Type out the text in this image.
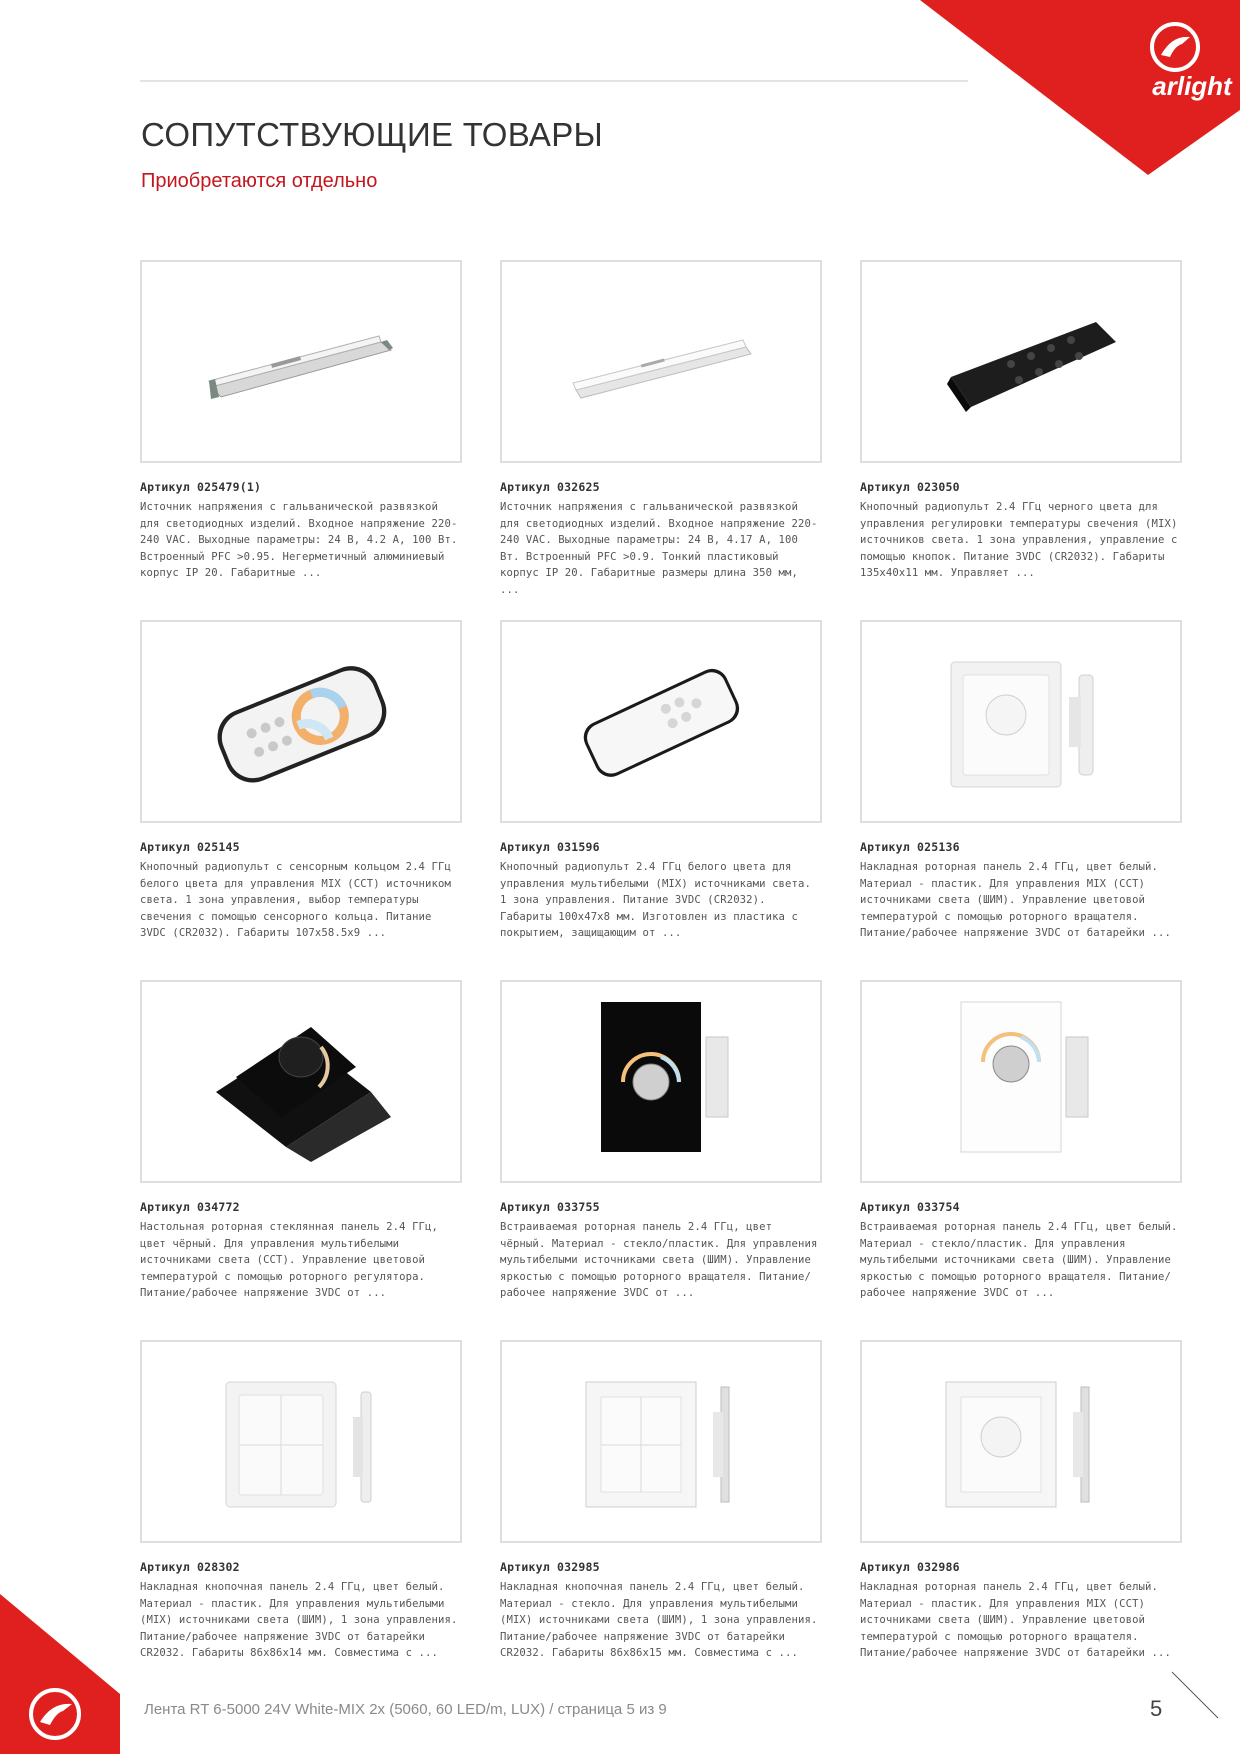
arlight
СОПУТСТВУЮЩИЕ ТОВАРЫ
Приобретаются отдельно
Артикул 025479(1)
Источник напряжения с гальванической развязкой для светодиодных изделий. Входное напряжение 220-240 VAC. Выходные параметры: 24 В, 4.2 А, 100 Вт. Встроенный PFC >0.95. Негерметичный алюминиевый корпус IP 20. Габаритные ...
Артикул 032625
Источник напряжения с гальванической развязкой для светодиодных изделий. Входное напряжение 220-240 VAC. Выходные параметры: 24 В, 4.17 А, 100 Вт. Встроенный PFC >0.9. Тонкий пластиковый корпус IP 20. Габаритные размеры длина 350 мм, ...
Артикул 023050
Кнопочный радиопульт 2.4 ГГц черного цвета для управления регулировки температуры свечения (MIX) источников света. 1 зона управления, управление с помощью кнопок. Питание 3VDC (CR2032). Габариты 135x40x11 мм. Управляет ...
Артикул 025145
Кнопочный радиопульт с сенсорным кольцом 2.4 ГГц белого цвета для управления MIX (CCT) источником света. 1 зона управления, выбор температуры свечения с помощью сенсорного кольца. Питание 3VDC (CR2032). Габариты 107x58.5x9 ...
Артикул 031596
Кнопочный радиопульт 2.4 ГГц белого цвета для управления мультибелыми (MIX) источниками света. 1 зона управления. Питание 3VDC (CR2032). Габариты 100x47x8 мм. Изготовлен из пластика с покрытием, защищающим от ...
Артикул 025136
Накладная роторная панель 2.4 ГГц, цвет белый. Материал - пластик. Для управления MIX (CCT) источниками света (ШИМ). Управление цветовой температурой с помощью роторного вращателя. Питание/рабочее напряжение 3VDC от батарейки ...
Артикул 034772
Настольная роторная стеклянная панель 2.4 ГГц, цвет чёрный. Для управления мультибелыми источниками света (CCT). Управление цветовой температурой с помощью роторного регулятора. Питание/рабочее напряжение 3VDC от ...
Артикул 033755
Встраиваемая роторная панель 2.4 ГГц, цвет чёрный. Материал - стекло/пластик. Для управления мультибелыми источниками света (ШИМ). Управление яркостью с помощью роторного вращателя. Питание/рабочее напряжение 3VDC от ...
Артикул 033754
Встраиваемая роторная панель 2.4 ГГц, цвет белый. Материал - стекло/пластик. Для управления мультибелыми источниками света (ШИМ). Управление яркостью с помощью роторного вращателя. Питание/рабочее напряжение 3VDC от ...
Артикул 028302
Накладная кнопочная панель 2.4 ГГц, цвет белый. Материал - пластик. Для управления мультибелыми (MIX) источниками света (ШИМ), 1 зона управления. Питание/рабочее напряжение 3VDC от батарейки CR2032. Габариты 86x86x14 мм. Совместима с ...
Артикул 032985
Накладная кнопочная панель 2.4 ГГц, цвет белый. Материал - стекло. Для управления мультибелыми (MIX) источниками света (ШИМ), 1 зона управления. Питание/рабочее напряжение 3VDC от батарейки CR2032. Габариты 86x86x15 мм. Совместима с ...
Артикул 032986
Накладная роторная панель 2.4 ГГц, цвет белый. Материал - пластик. Для управления MIX (CCT) источниками света (ШИМ). Управление цветовой температурой с помощью роторного вращателя. Питание/рабочее напряжение 3VDC от батарейки ...
Лента RT 6-5000 24V White-MIX 2x (5060, 60 LED/m, LUX) / страница 5 из 9	5
